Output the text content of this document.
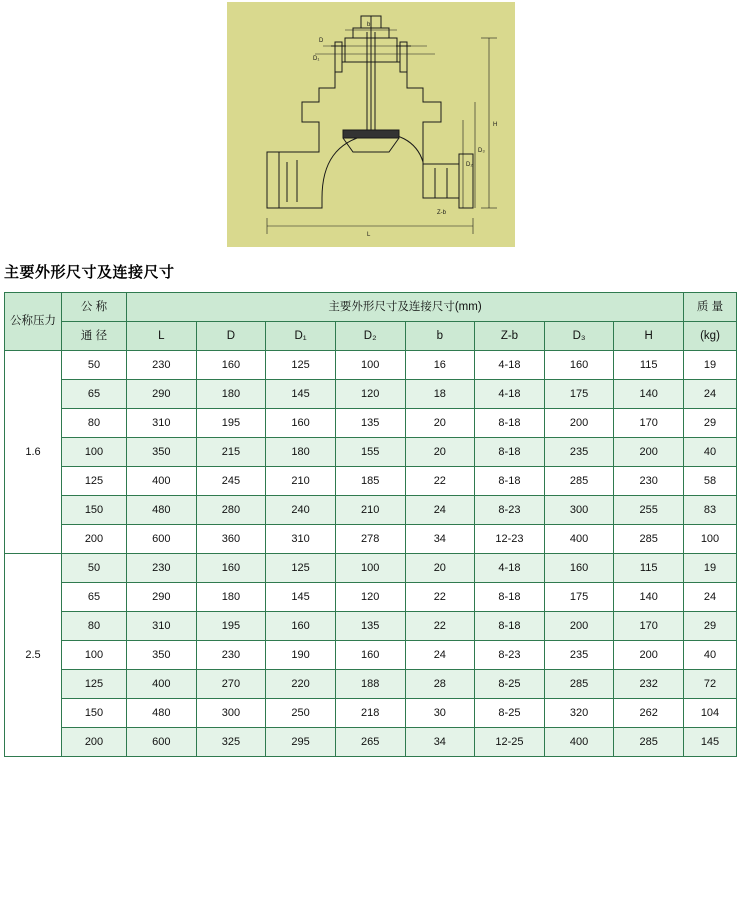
b
L
H
D₃
D₂
D
D₁
Z-b
主要外形尺寸及连接尺寸
公称压力	公 称	主要外形尺寸及连接尺寸(mm)								质 量
	通 径	L	D	D₁	D₂	b	Z-b	D₃	H	(kg)
1.6	50	230	160	125	100	16	4-18	160	115	19
	65	290	180	145	120	18	4-18	175	140	24
	80	310	195	160	135	20	8-18	200	170	29
	100	350	215	180	155	20	8-18	235	200	40
	125	400	245	210	185	22	8-18	285	230	58
	150	480	280	240	210	24	8-23	300	255	83
	200	600	360	310	278	34	12-23	400	285	100
2.5	50	230	160	125	100	20	4-18	160	115	19
	65	290	180	145	120	22	8-18	175	140	24
	80	310	195	160	135	22	8-18	200	170	29
	100	350	230	190	160	24	8-23	235	200	40
	125	400	270	220	188	28	8-25	285	232	72
	150	480	300	250	218	30	8-25	320	262	104
	200	600	325	295	265	34	12-25	400	285	145
